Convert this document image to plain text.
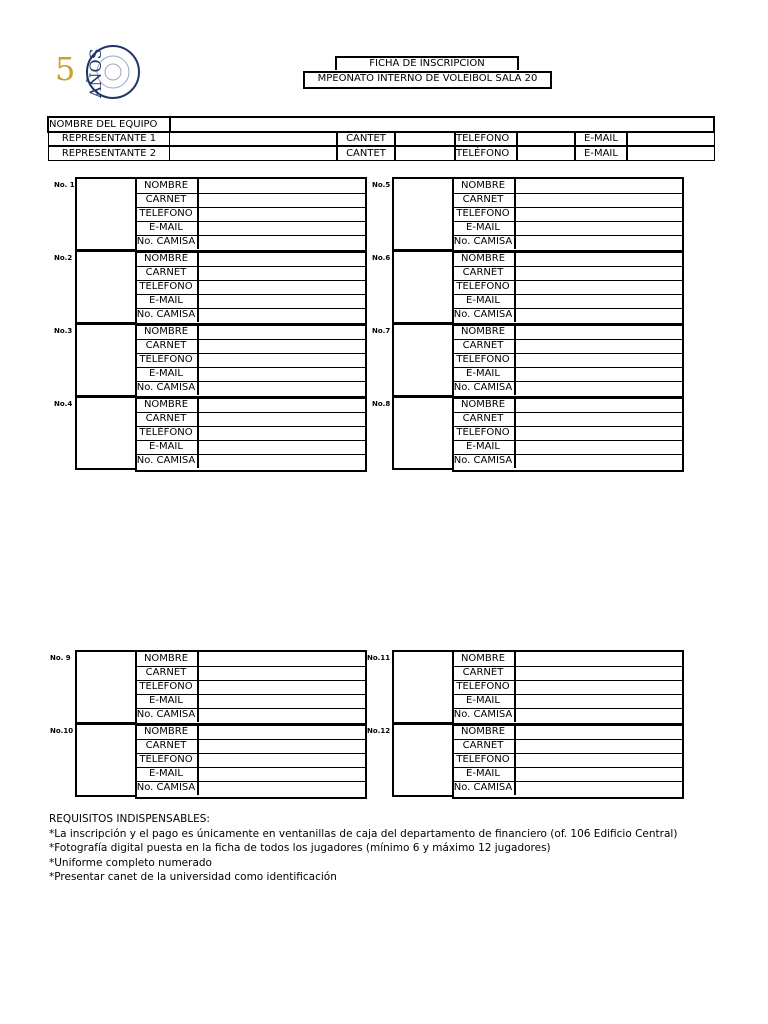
5 AÑOS	FICHA DE INSCRIPCIÓN
MPEONATO INTERNO DE VOLEIBOL SALA 20
NOMBRE DEL EQUIPO
REPRESENTANTE 1	CANTET	TELÉFONO	E-MAIL
REPRESENTANTE 2	CANTET	TELÉFONO	E-MAIL
No. 1	NOMBRE
CARNET
TELÉFONO
E-MAIL
No. CAMISA
No.2	NOMBRE
CARNET
TELÉFONO
E-MAIL
No. CAMISA
No.3	NOMBRE
CARNET
TELÉFONO
E-MAIL
No. CAMISA
No.4	NOMBRE
CARNET
TELÉFONO
E-MAIL
No. CAMISA
No.5	NOMBRE
CARNET
TELÉFONO
E-MAIL
No. CAMISA
No.6	NOMBRE
CARNET
TELÉFONO
E-MAIL
No. CAMISA
No.7	NOMBRE
CARNET
TELÉFONO
E-MAIL
No. CAMISA
No.8	NOMBRE
CARNET
TELÉFONO
E-MAIL
No. CAMISA
No. 9	NOMBRE
CARNET
TELÉFONO
E-MAIL
No. CAMISA
No.10	NOMBRE
CARNET
TELÉFONO
E-MAIL
No. CAMISA
No.11	NOMBRE
CARNET
TELÉFONO
E-MAIL
No. CAMISA
No.12	NOMBRE
CARNET
TELÉFONO
E-MAIL
No. CAMISA
REQUISITOS INDISPENSABLES:
*La inscripción y el pago es únicamente en ventanillas de caja del departamento de financiero (of. 106 Edificio Central)
*Fotografía digital puesta en la ficha de todos los jugadores (mínimo 6 y máximo 12 jugadores)
*Uniforme completo numerado
*Presentar canet de la universidad como identificación
